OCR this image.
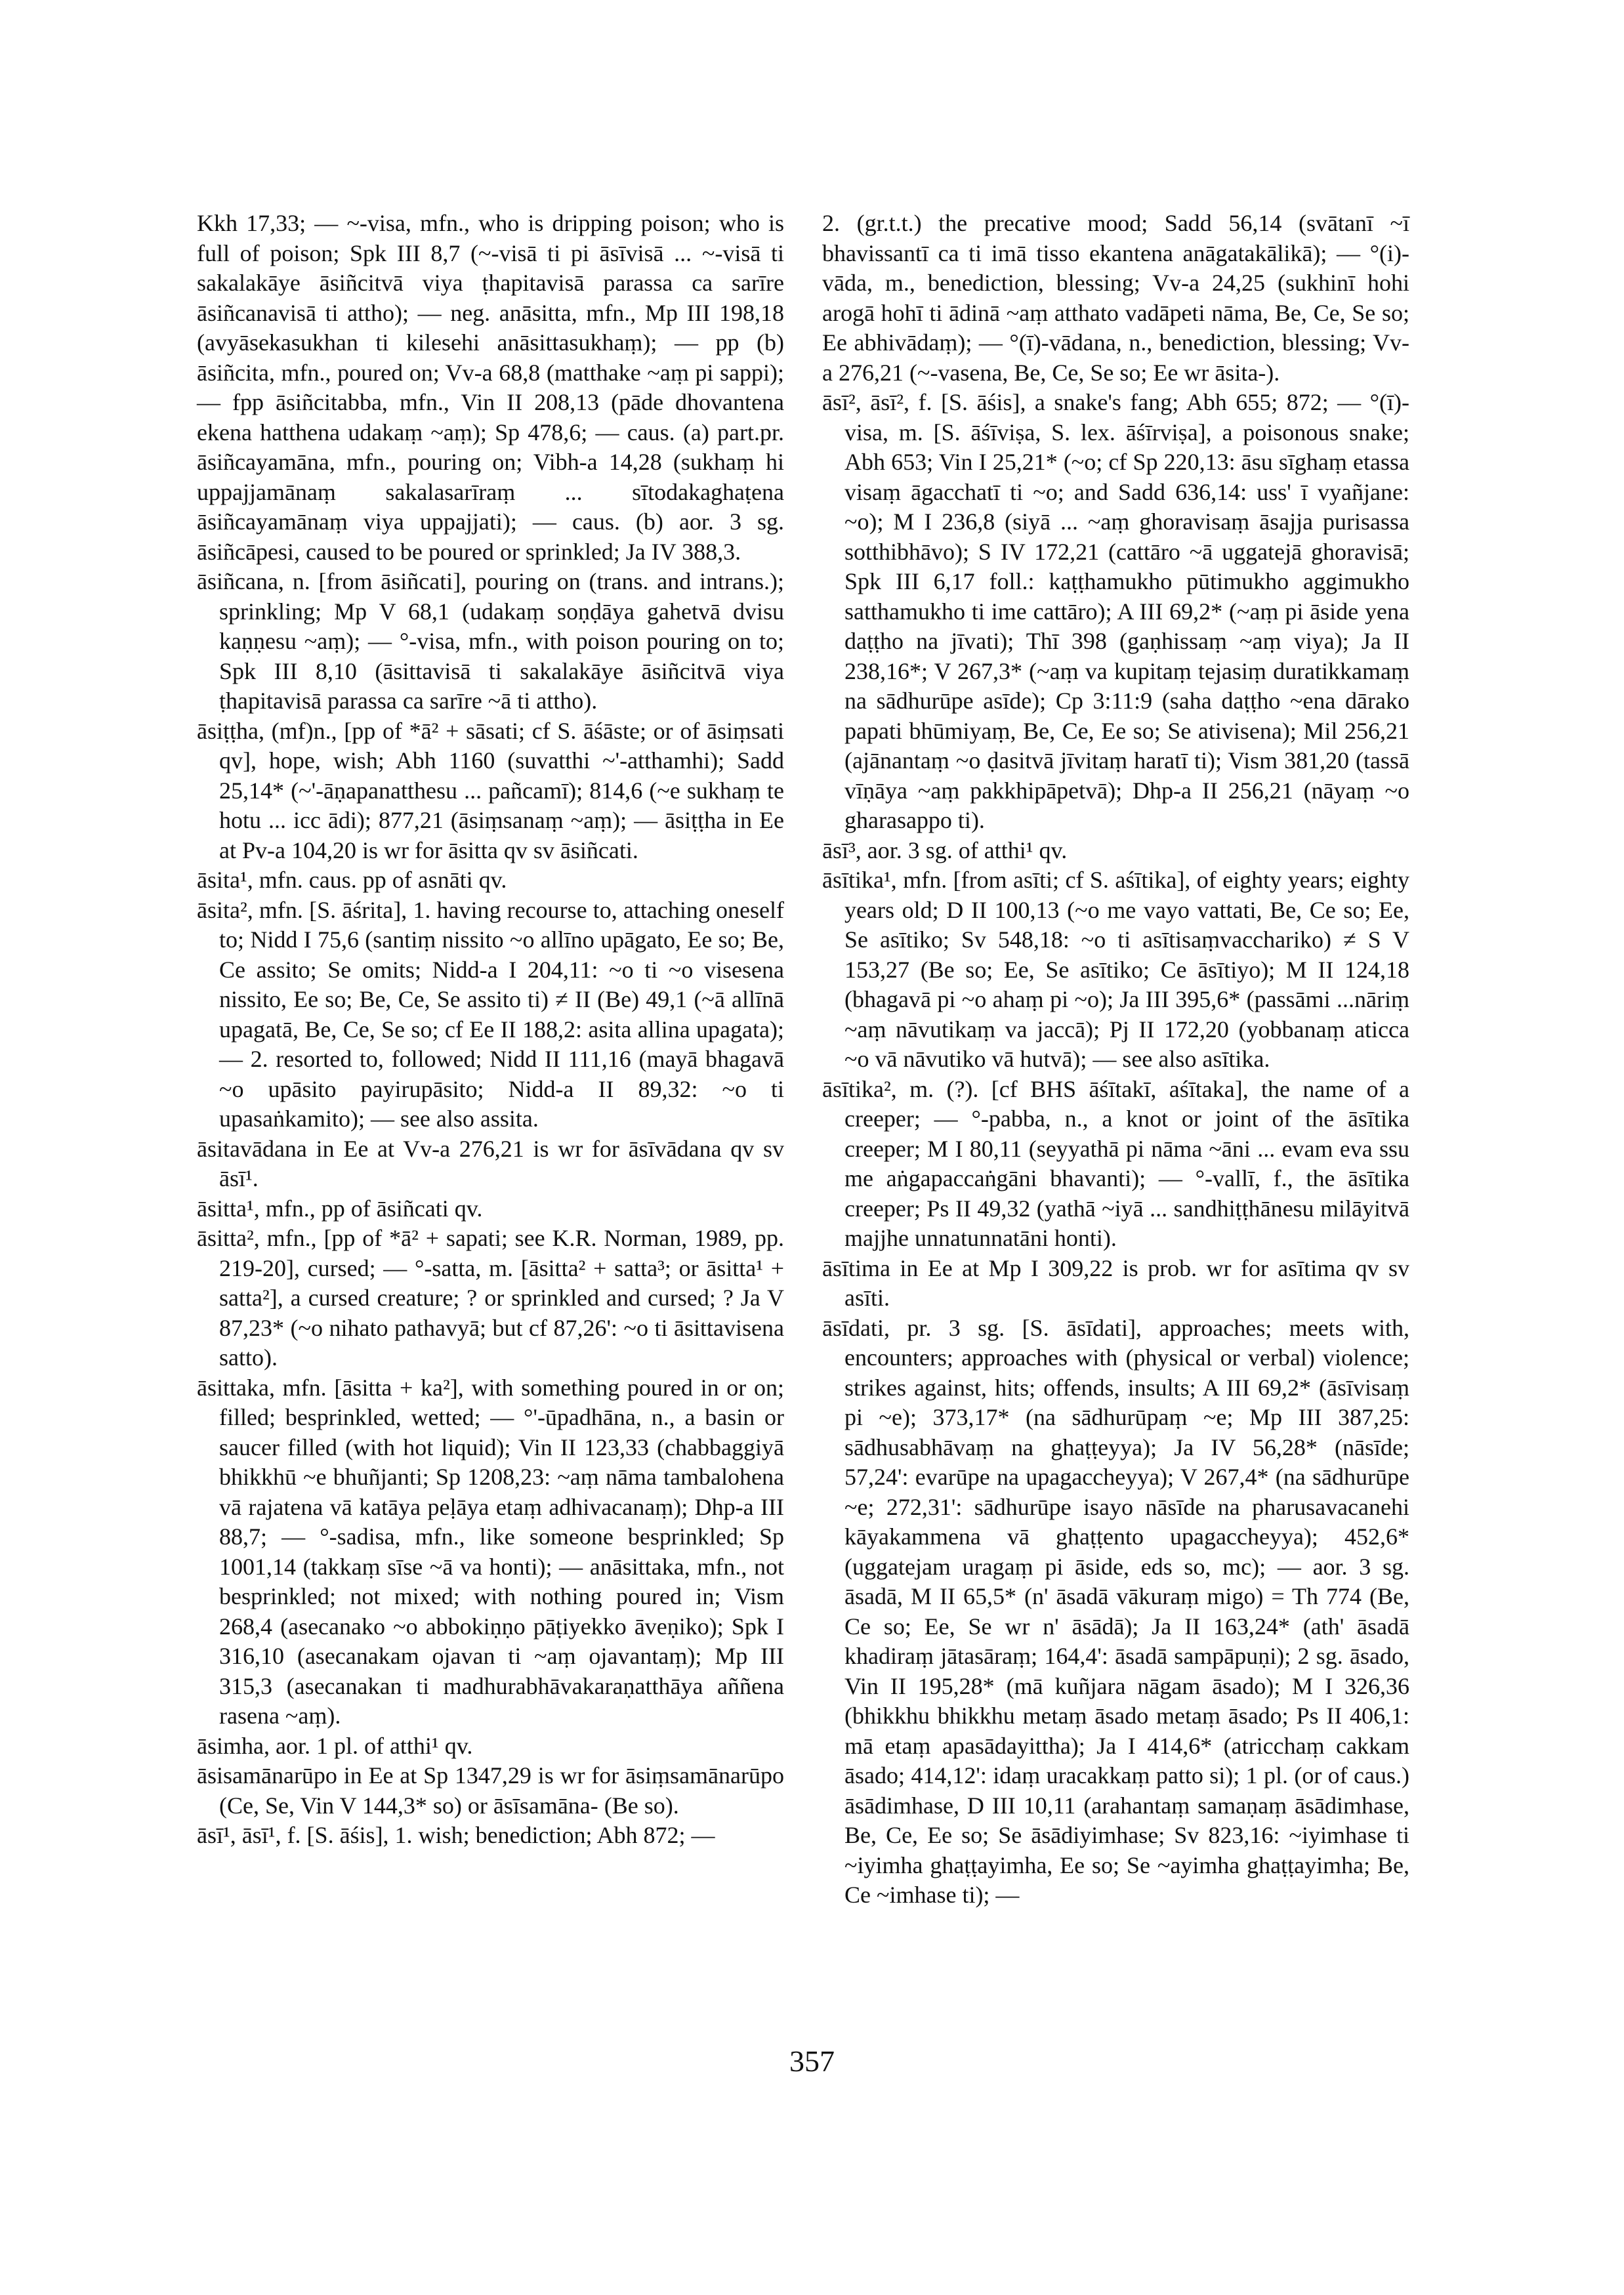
Kkh 17,33; — ~-visa, mfn., who is dripping poison; who is full of poison; Spk III 8,7 (~-visā ti pi āsīvisā ... ~-visā ti sakalakāye āsiñcitvā viya ṭhapitavisā parassa ca sarīre āsiñcanavisā ti attho); — neg. anāsitta, mfn., Mp III 198,18 (avyāsekasukhan ti kilesehi anāsittasukhaṃ); — pp (b) āsiñcita, mfn., poured on; Vv-a 68,8 (matthake ~aṃ pi sappi); — fpp āsiñcitabba, mfn., Vin II 208,13 (pāde dhovantena ekena hatthena udakaṃ ~aṃ); Sp 478,6; — caus. (a) part.pr. āsiñcayamāna, mfn., pouring on; Vibh-a 14,28 (sukhaṃ hi uppajjamānaṃ sakalasarīraṃ ... sītodakaghaṭena āsiñcayamānaṃ viya uppajjati); — caus. (b) aor. 3 sg. āsiñcāpesi, caused to be poured or sprinkled; Ja IV 388,3.

āsiñcana, n. [from āsiñcati], pouring on (trans. and intrans.); sprinkling; Mp V 68,1 (udakaṃ soṇḍāya gahetvā dvisu kaṇṇesu ~aṃ); — °-visa, mfn., with poison pouring on to; Spk III 8,10 (āsittavisā ti sakalakāye āsiñcitvā viya ṭhapitavisā parassa ca sarīre ~ā ti attho).

āsiṭṭha, (mf)n., [pp of *ā² + sāsati; cf S. āśāste; or of āsiṃsati qv], hope, wish; Abh 1160 (suvatthi ~'-atthamhi); Sadd 25,14* (~'-āṇapanatthesu ... pañcamī); 814,6 (~e sukhaṃ te hotu ... icc ādi); 877,21 (āsiṃsanaṃ ~aṃ); — āsiṭṭha in Ee at Pv-a 104,20 is wr for āsitta qv sv āsiñcati.

āsita¹, mfn. caus. pp of asnāti qv.

āsita², mfn. [S. āśrita], 1. having recourse to, attaching oneself to; Nidd I 75,6 (santiṃ nissito ~o allīno upāgato, Ee so; Be, Ce assito; Se omits; Nidd-a I 204,11: ~o ti ~o visesena nissito, Ee so; Be, Ce, Se assito ti) ≠ II (Be) 49,1 (~ā allīnā upagatā, Be, Ce, Se so; cf Ee II 188,2: asita allina upagata); — 2. resorted to, followed; Nidd II 111,16 (mayā bhagavā ~o upāsito payirupāsito; Nidd-a II 89,32: ~o ti upasaṅkamito); — see also assita.

āsitavādana in Ee at Vv-a 276,21 is wr for āsīvādana qv sv āsī¹.

āsitta¹, mfn., pp of āsiñcati qv.

āsitta², mfn., [pp of *ā² + sapati; see K.R. Norman, 1989, pp. 219-20], cursed; — °-satta, m. [āsitta² + satta³; or āsitta¹ + satta²], a cursed creature; ? or sprinkled and cursed; ? Ja V 87,23* (~o nihato pathavyā; but cf 87,26': ~o ti āsittavisena satto).

āsittaka, mfn. [āsitta + ka²], with something poured in or on; filled; besprinkled, wetted; — °'-ūpadhāna, n., a basin or saucer filled (with hot liquid); Vin II 123,33 (chabbaggiyā bhikkhū ~e bhuñjanti; Sp 1208,23: ~aṃ nāma tambalohena vā rajatena vā katāya peḷāya etaṃ adhivacanaṃ); Dhp-a III 88,7; — °-sadisa, mfn., like someone besprinkled; Sp 1001,14 (takkaṃ sīse ~ā va honti); — anāsittaka, mfn., not besprinkled; not mixed; with nothing poured in; Vism 268,4 (asecanako ~o abbokiṇṇo pāṭiyekko āveṇiko); Spk I 316,10 (asecanakam ojavan ti ~aṃ ojavantaṃ); Mp III 315,3 (asecanakan ti madhurabhāvakaraṇatthāya aññena rasena ~aṃ).

āsimha, aor. 1 pl. of atthi¹ qv.

āsisamānarūpo in Ee at Sp 1347,29 is wr for āsiṃsamānarūpo (Ce, Se, Vin V 144,3* so) or āsīsamāna- (Be so).

āsī¹, āsī¹, f. [S. āśis], 1. wish; benediction; Abh 872; —

2. (gr.t.t.) the precative mood; Sadd 56,14 (svātanī ~ī bhavissantī ca ti imā tisso ekantena anāgatakālikā); — °(i)-vāda, m., benediction, blessing; Vv-a 24,25 (sukhinī hohi arogā hohī ti ādinā ~aṃ atthato vadāpeti nāma, Be, Ce, Se so; Ee abhivādaṃ); — °(ī)-vādana, n., benediction, blessing; Vv-a 276,21 (~-vasena, Be, Ce, Se so; Ee wr āsita-).

āsī², āsī², f. [S. āśis], a snake's fang; Abh 655; 872; — °(ī)-visa, m. [S. āśīviṣa, S. lex. āśīrviṣa], a poisonous snake; Abh 653; Vin I 25,21* (~o; cf Sp 220,13: āsu sīghaṃ etassa visaṃ āgacchatī ti ~o; and Sadd 636,14: uss' ī vyañjane: ~o); M I 236,8 (siyā ... ~aṃ ghoravisaṃ āsajja purisassa sotthibhāvo); S IV 172,21 (cattāro ~ā uggatejā ghoravisā; Spk III 6,17 foll.: kaṭṭhamukho pūtimukho aggimukho satthamukho ti ime cattāro); A III 69,2* (~aṃ pi āside yena daṭṭho na jīvati); Thī 398 (gaṇhissaṃ ~aṃ viya); Ja II 238,16*; V 267,3* (~aṃ va kupitaṃ tejasiṃ duratikkamaṃ na sādhurūpe asīde); Cp 3:11:9 (saha daṭṭho ~ena dārako papati bhūmiyaṃ, Be, Ce, Ee so; Se ativisena); Mil 256,21 (ajānantaṃ ~o ḍasitvā jīvitaṃ haratī ti); Vism 381,20 (tassā vīṇāya ~aṃ pakkhipāpetvā); Dhp-a II 256,21 (nāyaṃ ~o gharasappo ti).

āsī³, aor. 3 sg. of atthi¹ qv.

āsītika¹, mfn. [from asīti; cf S. aśītika], of eighty years; eighty years old; D II 100,13 (~o me vayo vattati, Be, Ce so; Ee, Se asītiko; Sv 548,18: ~o ti asītisaṃvacchariko) ≠ S V 153,27 (Be so; Ee, Se asītiko; Ce āsītiyo); M II 124,18 (bhagavā pi ~o ahaṃ pi ~o); Ja III 395,6* (passāmi ...nāriṃ ~aṃ nāvutikaṃ va jaccā); Pj II 172,20 (yobbanaṃ aticca ~o vā nāvutiko vā hutvā); — see also asītika.

āsītika², m. (?). [cf BHS āśītakī, aśītaka], the name of a creeper; — °-pabba, n., a knot or joint of the āsītika creeper; M I 80,11 (seyyathā pi nāma ~āni ... evam eva ssu me aṅgapaccaṅgāni bhavanti); — °-vallī, f., the āsītika creeper; Ps II 49,32 (yathā ~iyā ... sandhiṭṭhānesu milāyitvā majjhe unnatunnatāni honti).

āsītima in Ee at Mp I 309,22 is prob. wr for asītima qv sv asīti.

āsīdati, pr. 3 sg. [S. āsīdati], approaches; meets with, encounters; approaches with (physical or verbal) violence; strikes against, hits; offends, insults; A III 69,2* (āsīvisaṃ pi ~e); 373,17* (na sādhurūpaṃ ~e; Mp III 387,25: sādhusabhāvaṃ na ghaṭṭeyya); Ja IV 56,28* (nāsīde; 57,24': evarūpe na upagaccheyya); V 267,4* (na sādhurūpe ~e; 272,31': sādhurūpe isayo nāsīde na pharusavacanehi kāyakammena vā ghaṭṭento upagaccheyya); 452,6* (uggatejam uragaṃ pi āside, eds so, mc); — aor. 3 sg. āsadā, M II 65,5* (n' āsadā vākuraṃ migo) = Th 774 (Be, Ce so; Ee, Se wr n' āsādā); Ja II 163,24* (ath' āsadā khadiraṃ jātasāraṃ; 164,4': āsadā sampāpuṇi); 2 sg. āsado, Vin II 195,28* (mā kuñjara nāgam āsado); M I 326,36 (bhikkhu bhikkhu metaṃ āsado metaṃ āsado; Ps II 406,1: mā etaṃ apasādayittha); Ja I 414,6* (atricchaṃ cakkam āsado; 414,12': idaṃ uracakkaṃ patto si); 1 pl. (or of caus.) āsādimhase, D III 10,11 (arahantaṃ samaṇaṃ āsādimhase, Be, Ce, Ee so; Se āsādiyimhase; Sv 823,16: ~iyimhase ti ~iyimha ghaṭṭayimha, Ee so; Se ~ayimha ghaṭṭayimha; Be, Ce ~imhase ti); —

357
